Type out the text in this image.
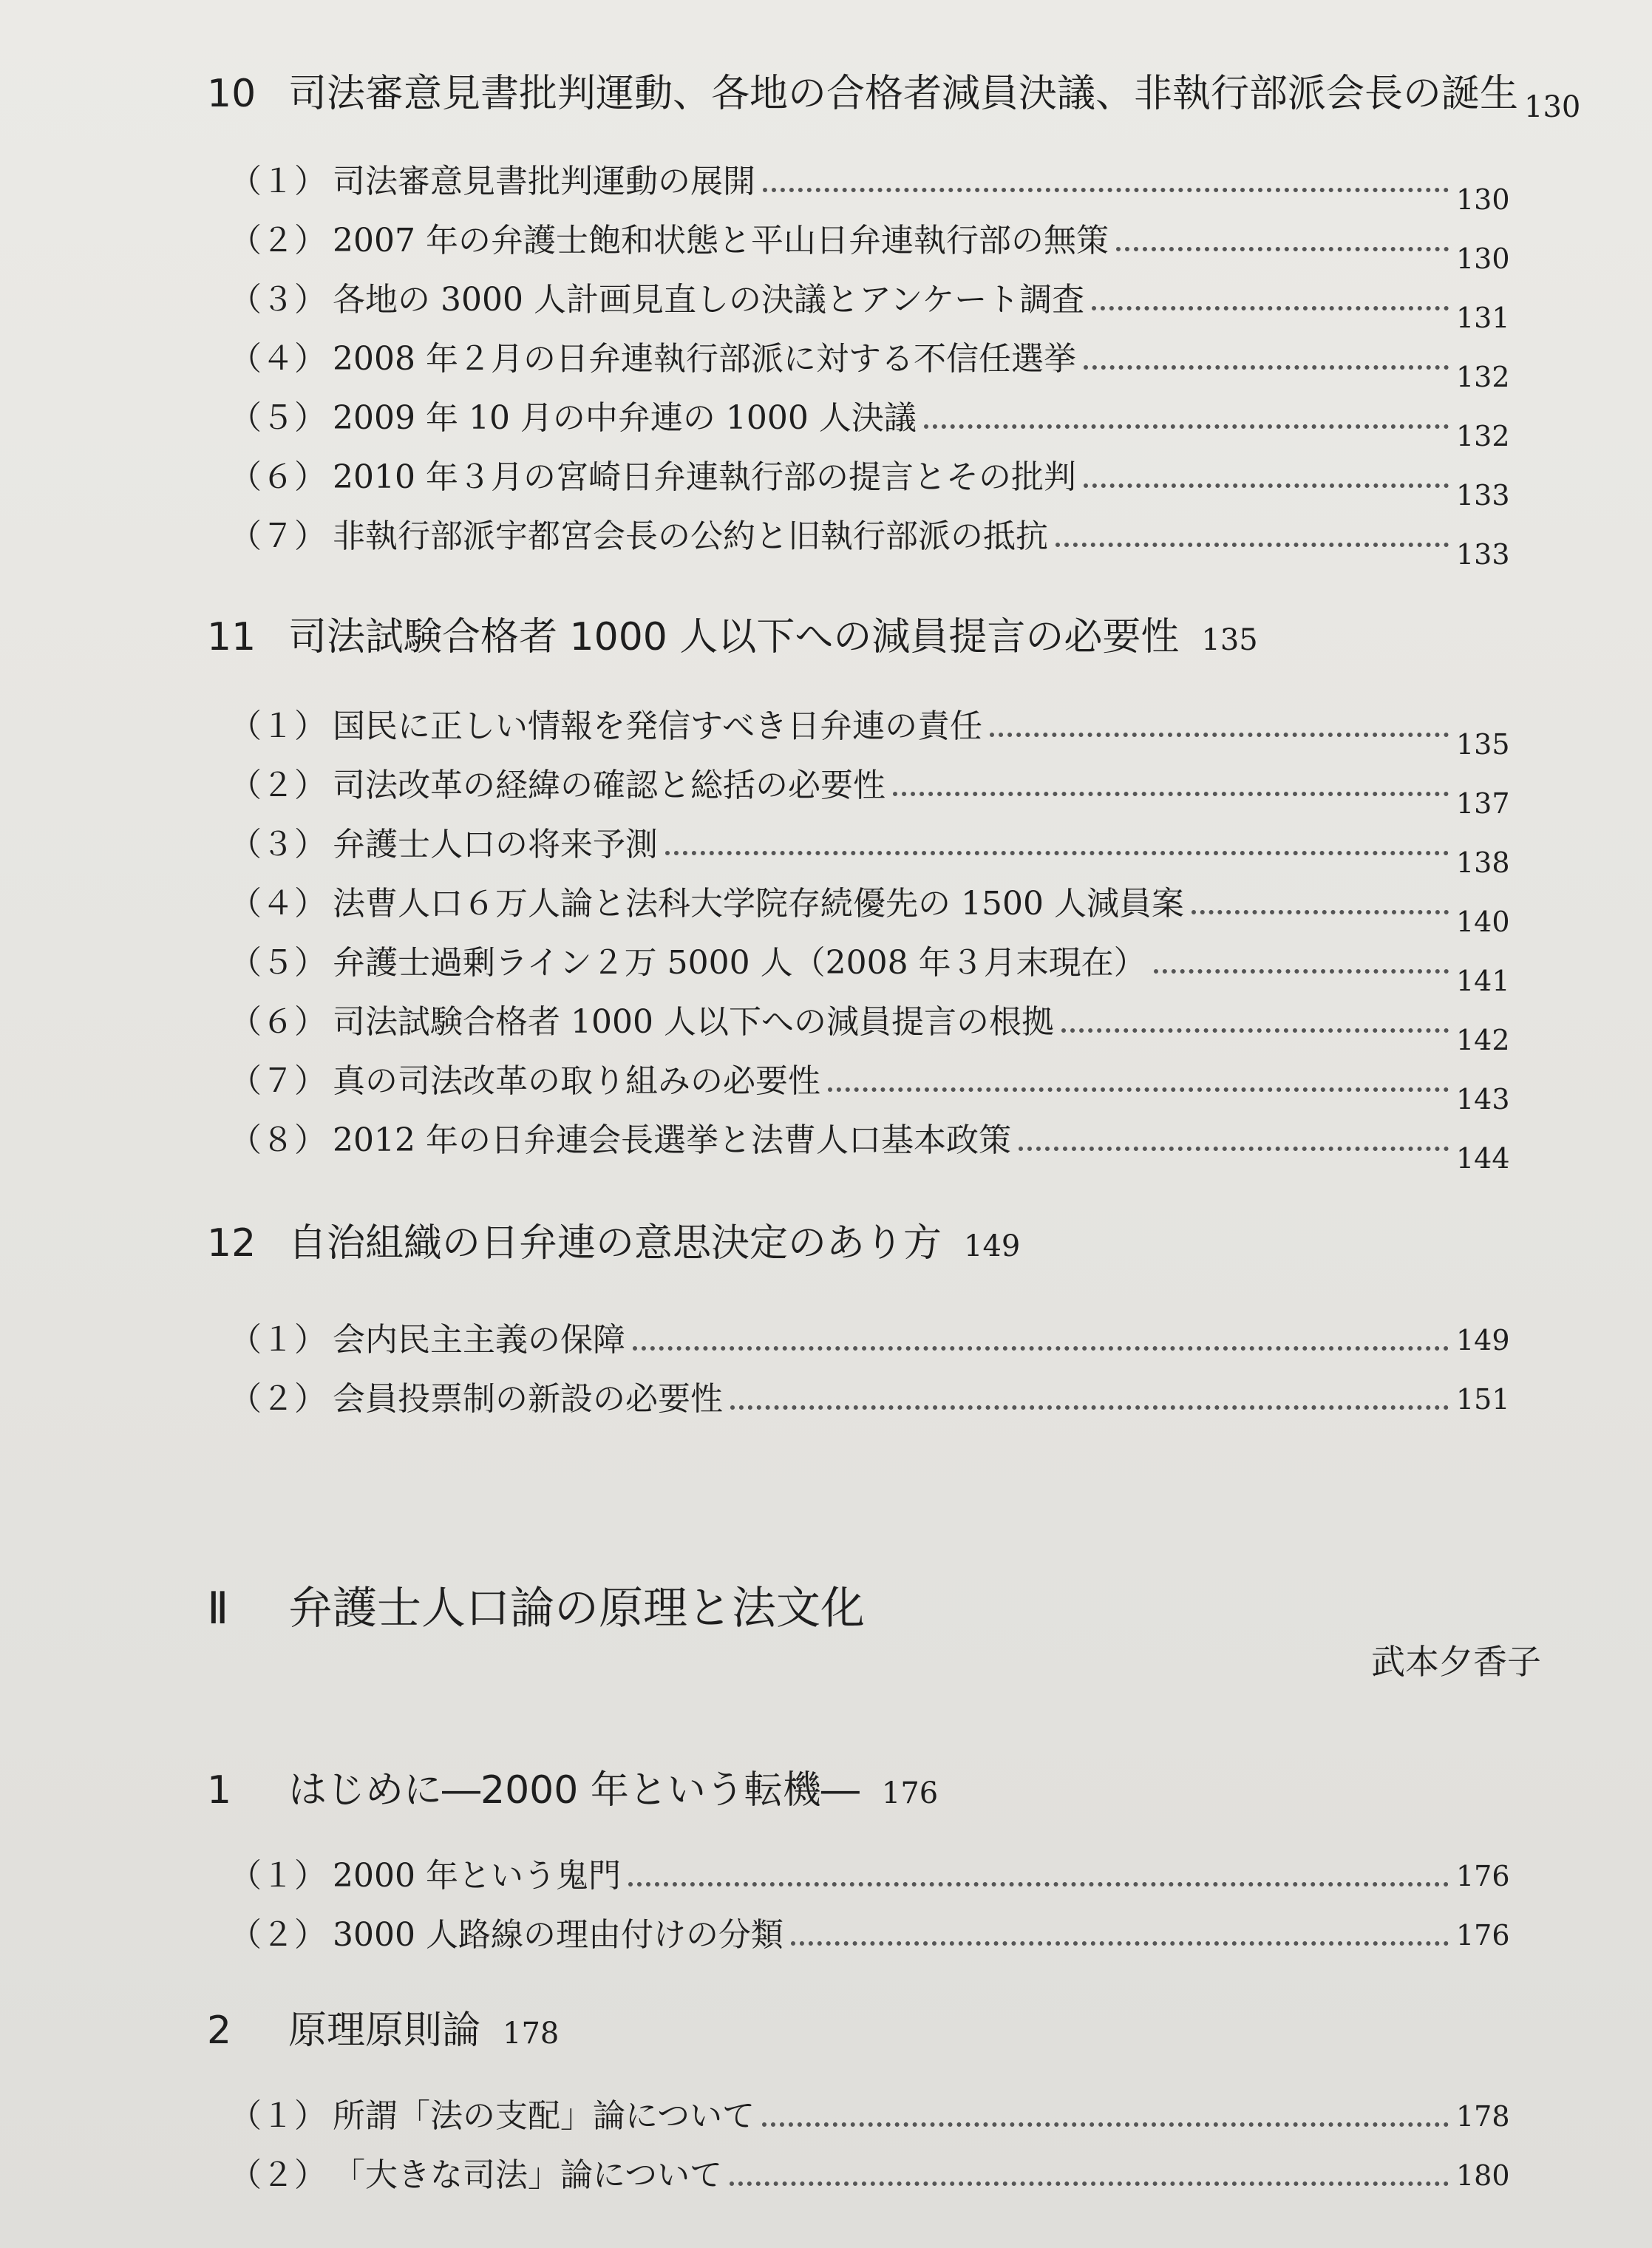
10 司法審意見書批判運動、各地の合格者減員決議、非執行部派会長の誕生 $_{130}$
（１） 司法審意見書批判運動の展開	130
（２） 2007 年の弁護士飽和状態と平山日弁連執行部の無策	130
（３） 各地の 3000 人計画見直しの決議とアンケート調査	131
（４） 2008 年２月の日弁連執行部派に対する不信任選挙	132
（５） 2009 年 10 月の中弁連の 1000 人決議	132
（６） 2010 年３月の宮崎日弁連執行部の提言とその批判	133
（７） 非執行部派宇都宮会長の公約と旧執行部派の抵抗	133
11 司法試験合格者 1000 人以下への減員提言の必要性 135
（１） 国民に正しい情報を発信すべき日弁連の責任	135
（２） 司法改革の経緯の確認と総括の必要性	137
（３） 弁護士人口の将来予測	138
（４） 法曹人口６万人論と法科大学院存続優先の 1500 人減員案	140
（５） 弁護士過剰ライン２万 5000 人（2008 年３月末現在）	141
（６） 司法試験合格者 1000 人以下への減員提言の根拠	142
（７） 真の司法改革の取り組みの必要性	143
（８） 2012 年の日弁連会長選挙と法曹人口基本政策	144
12 自治組織の日弁連の意思決定のあり方 149
（１） 会内民主主義の保障	149
（２） 会員投票制の新設の必要性	151
Ⅱ 弁護士人口論の原理と法文化
武本夕香子
1 はじめに―2000 年という転機― 176
（１） 2000 年という鬼門	176
（２） 3000 人路線の理由付けの分類	176
2 原理原則論 178
（１） 所謂「法の支配」論について	178
（２） 「大きな司法」論について	180
